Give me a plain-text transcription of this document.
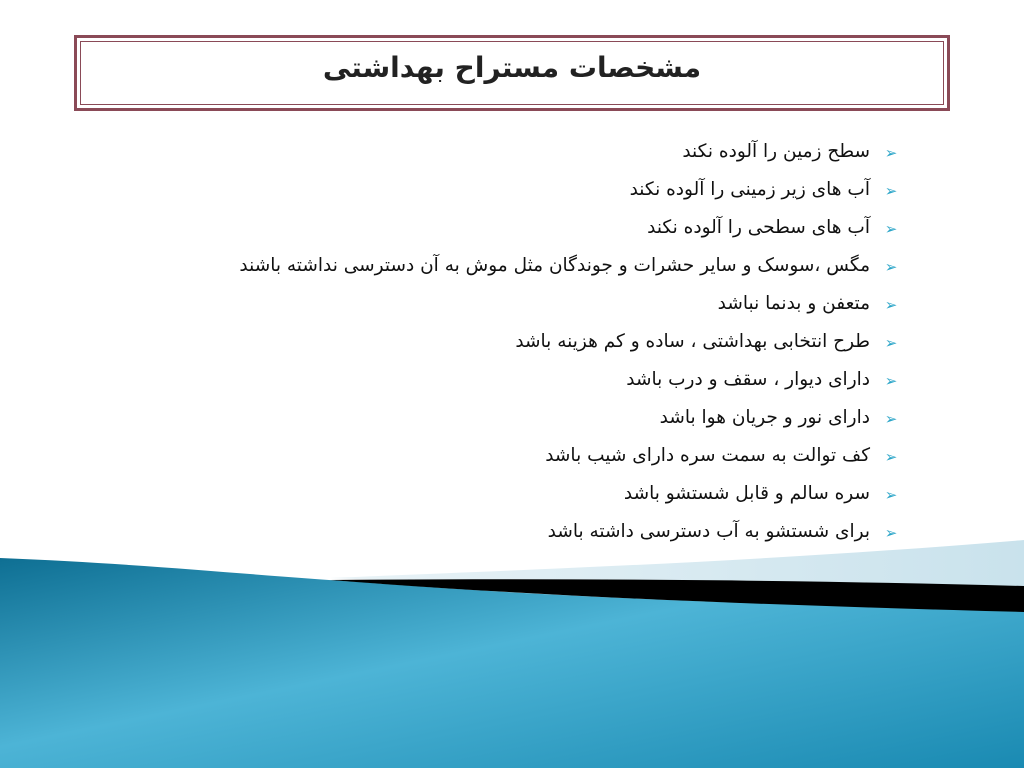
مشخصات مستراح بهداشتی
➢
سطح زمین را آلوده نکند
➢
آب های زیر زمینی را آلوده نکند
➢
آب های سطحی را آلوده نکند
➢
مگس ،سوسک و سایر حشرات و جوندگان مثل موش به آن دسترسی نداشته باشند
➢
متعفن و بدنما نباشد
➢
طرح انتخابی بهداشتی ، ساده و کم هزینه باشد
➢
دارای دیوار ، سقف و درب باشد
➢
دارای نور و جریان هوا باشد
➢
کف توالت به سمت سره دارای شیب باشد
➢
سره سالم و قابل شستشو باشد
➢
برای شستشو به آب دسترسی داشته باشد
